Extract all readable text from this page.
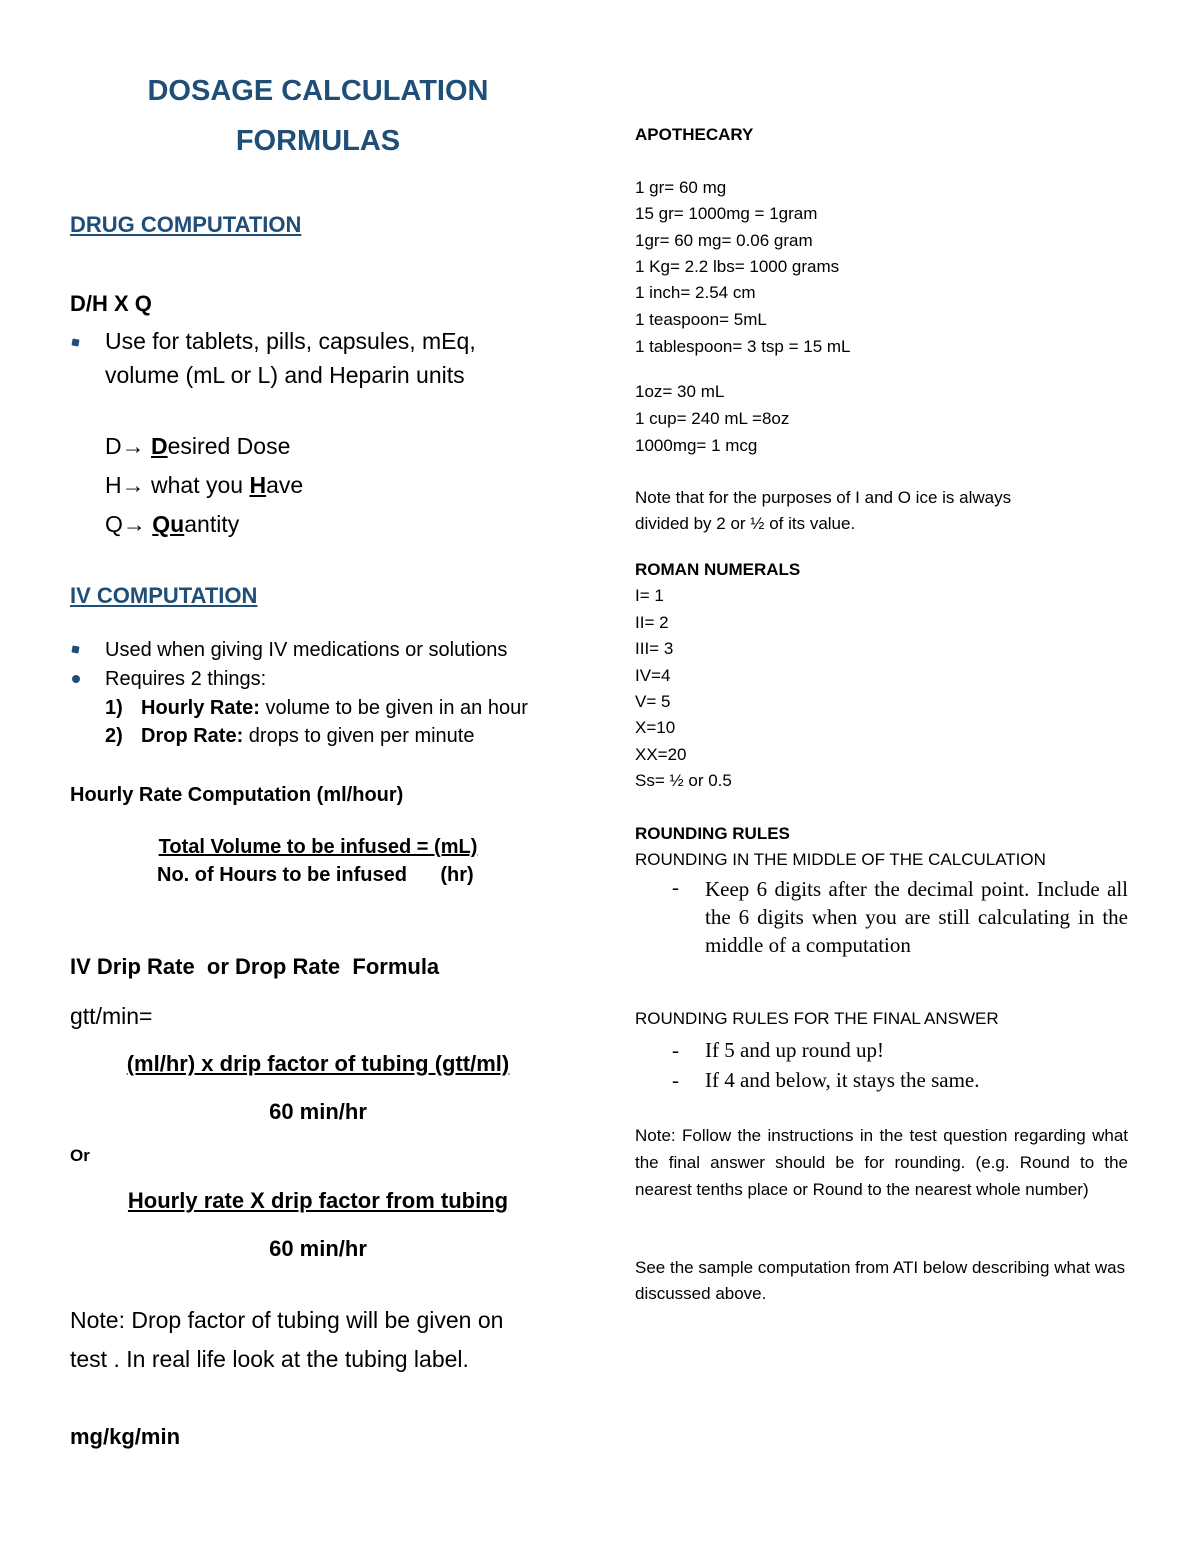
DOSAGE CALCULATION
FORMULAS
DRUG COMPUTATION
D/H X Q
Use for tablets, pills, capsules, mEq,
volume (mL or L) and Heparin units
D→ Desired Dose
H→ what you Have
Q→ Quantity
IV COMPUTATION
Used when giving IV medications or solutions
Requires 2 things:
1) Hourly Rate: volume to be given in an hour
2) Drop Rate: drops to given per minute
Hourly Rate Computation (ml/hour)
Total Volume to be infused = (mL)
No. of Hours to be infused      (hr)
IV Drip Rate  or Drop Rate  Formula
gtt/min=
(ml/hr) x drip factor of tubing (gtt/ml)
60 min/hr
Or
Hourly rate X drip factor from tubing
60 min/hr
Note: Drop factor of tubing will be given on
test . In real life look at the tubing label.
mg/kg/min
APOTHECARY
1 gr= 60 mg
15 gr= 1000mg = 1gram
1gr= 60 mg= 0.06 gram
1 Kg= 2.2 lbs= 1000 grams
1 inch= 2.54 cm
1 teaspoon= 5mL
1 tablespoon= 3 tsp = 15 mL
1oz= 30 mL
1 cup= 240 mL =8oz
1000mg= 1 mcg
Note that for the purposes of I and O ice is always
divided by 2 or ½ of its value.
ROMAN NUMERALS
I= 1
II= 2
III= 3
IV=4
V= 5
X=10
XX=20
Ss= ½ or 0.5
ROUNDING RULES
ROUNDING IN THE MIDDLE OF THE CALCULATION
- Keep 6 digits after the decimal point. Include all the 6 digits when you are still calculating in the middle of a computation
ROUNDING RULES FOR THE FINAL ANSWER
- If 5 and up round up!
- If 4 and below, it stays the same.
Note: Follow the instructions in the test question regarding what the final answer should be for rounding. (e.g. Round to the nearest tenths place or Round to the nearest whole number)
See the sample computation from ATI below describing what was discussed above.
